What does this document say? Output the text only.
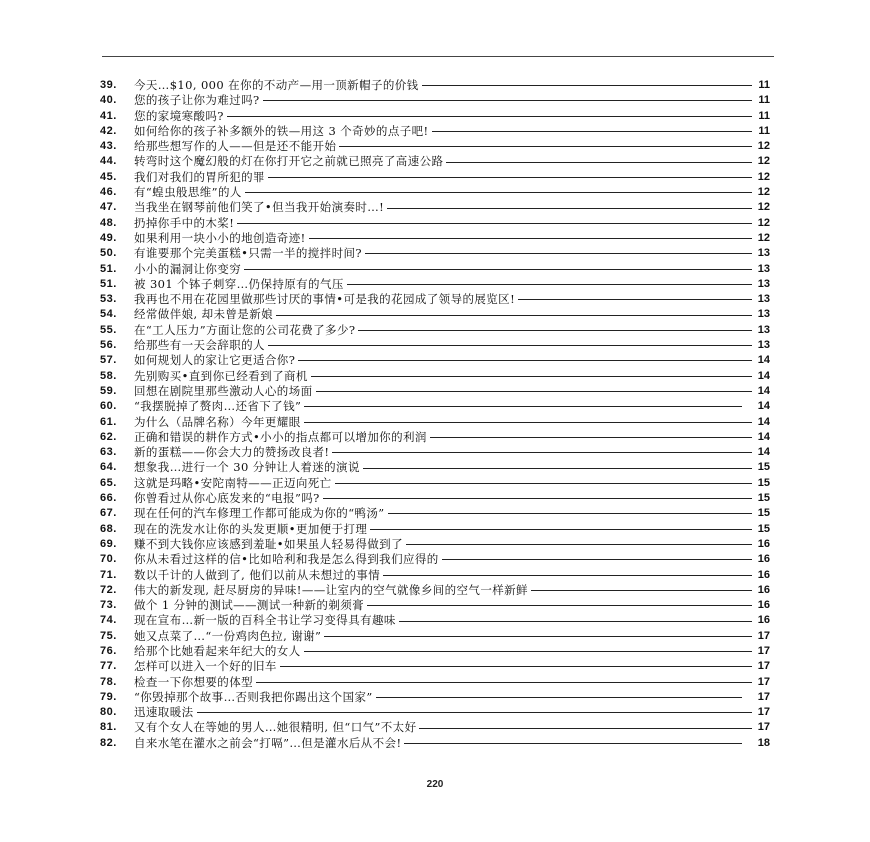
39.	今天…$10, 000 在你的不动产—用一顶新帽子的价钱	11
40.	您的孩子让你为难过吗?	11
41.	您的家境寒酸吗?	11
42.	如何给你的孩子补多额外的铁—用这 3 个奇妙的点子吧!	11
43.	给那些想写作的人——但是还不能开始	12
44.	转弯时这个魔幻般的灯在你打开它之前就已照亮了高速公路	12
45.	我们对我们的胃所犯的罪	12
46.	有“蝗虫般思维”的人	12
47.	当我坐在钢琴前他们笑了•但当我开始演奏时…!	12
48.	扔掉你手中的木桨!	12
49.	如果利用一块小小的地创造奇迹!	12
50.	有谁要那个完美蛋糕•只需一半的搅拌时间?	13
51.	小小的漏洞让你变穷	13
51.	被 301 个钵子刺穿…仍保持原有的气压	13
53.	我再也不用在花园里做那些讨厌的事情•可是我的花园成了领导的展览区!	13
54.	经常做伴娘, 却未曾是新娘	13
55.	在“工人压力”方面让您的公司花费了多少?	13
56.	给那些有一天会辞职的人	13
57.	如何规划人的家让它更适合你?	14
58.	先别购买•直到你已经看到了商机	14
59.	回想在剧院里那些激动人心的场面	14
60.	“我摆脱掉了赘肉…还省下了钱”	14
61.	为什么（品牌名称）今年更耀眼	14
62.	正确和错误的耕作方式•小小的指点都可以增加你的利润	14
63.	新的蛋糕——你会大力的赞扬改良者!	14
64.	想象我…进行一个 30 分钟让人着迷的演说	15
65.	这就是玛略•安陀南特——正迈向死亡	15
66.	你曾看过从你心底发来的“电报”吗?	15
67.	现在任何的汽车修理工作都可能成为你的“鸭汤”	15
68.	现在的洗发水让你的头发更顺•更加便于打理	15
69.	赚不到大钱你应该感到羞耻•如果虽人轻易得做到了	16
70.	你从未看过这样的信•比如哈利和我是怎么得到我们应得的	16
71.	数以千计的人做到了, 他们以前从未想过的事情	16
72.	伟大的新发现, 赶尽厨房的异味!——让室内的空气就像乡间的空气一样新鲜	16
73.	做个 1 分钟的测试——测试一种新的剃须膏	16
74.	现在宣布…新一版的百科全书让学习变得具有趣味	16
75.	她又点菜了…“一份鸡肉色拉, 谢谢”	17
76.	给那个比她看起来年纪大的女人	17
77.	怎样可以进入一个好的旧车	17
78.	检查一下你想要的体型	17
79.	“你毁掉那个故事…否则我把你踢出这个国家”	17
80.	迅速取暖法	17
81.	又有个女人在等她的男人…她很精明, 但“口气”不太好	17
82.	自来水笔在灌水之前会“打嗝”…但是灌水后从不会!	18
220
